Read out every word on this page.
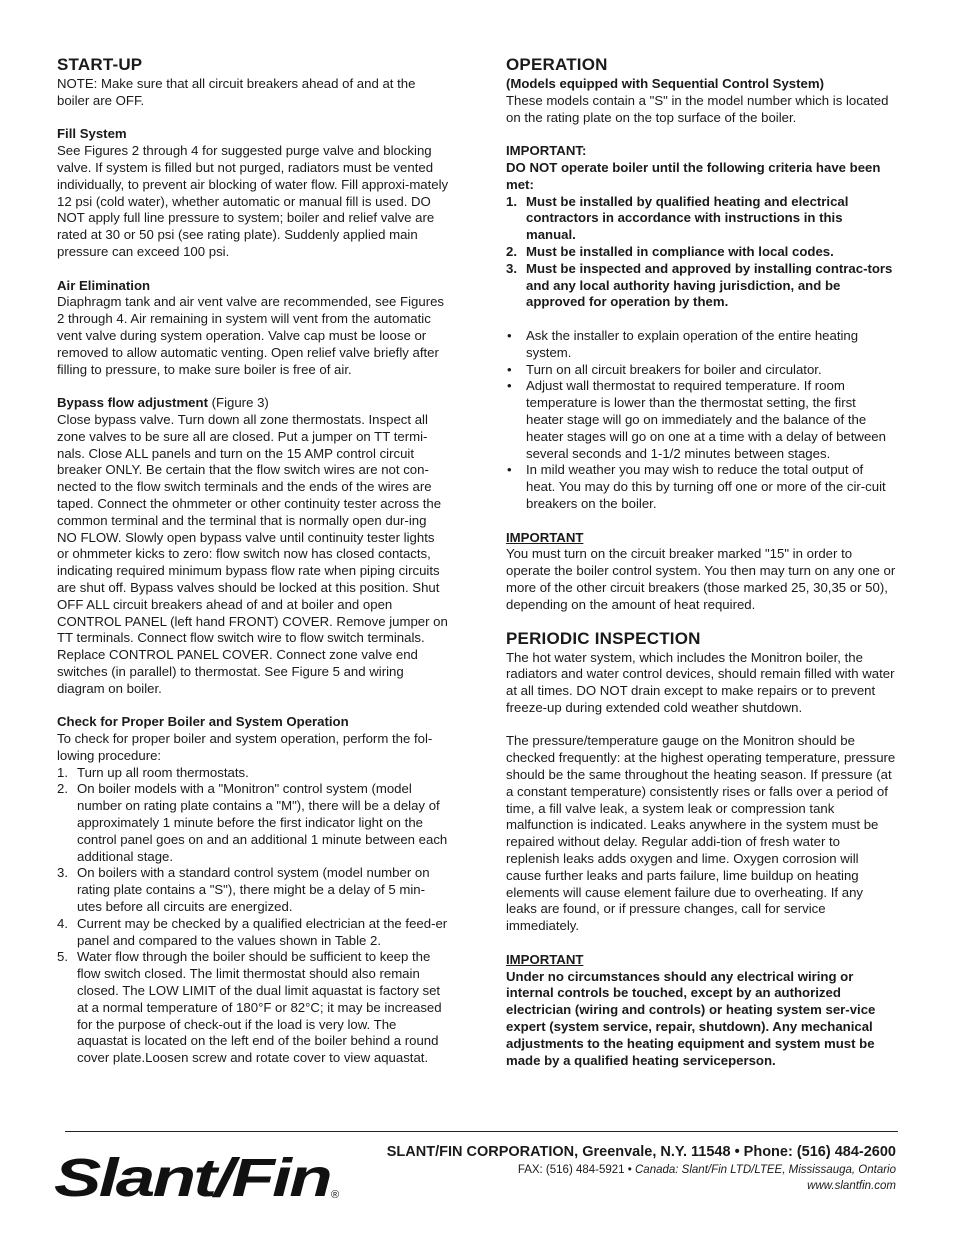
START-UP

NOTE: Make sure that all circuit breakers ahead of and at the boiler are OFF.

Fill System

See Figures 2 through 4 for suggested purge valve and blocking valve. If system is filled but not purged, radiators must be vented individually, to prevent air blocking of water flow. Fill approxi-mately 12 psi (cold water), whether automatic or manual fill is used. DO NOT apply full line pressure to system; boiler and relief valve are rated at 30 or 50 psi (see rating plate). Suddenly applied main pressure can exceed 100 psi.

Air Elimination

Diaphragm tank and air vent valve are recommended, see Figures 2 through 4. Air remaining in system will vent from the automatic vent valve during system operation. Valve cap must be loose or removed to allow automatic venting. Open relief valve briefly after filling to pressure, to make sure boiler is free of air.

Bypass flow adjustment (Figure 3)

Close bypass valve. Turn down all zone thermostats. Inspect all zone valves to be sure all are closed. Put a jumper on TT termi-nals. Close ALL panels and turn on the 15 AMP control circuit breaker ONLY. Be certain that the flow switch wires are not con-nected to the flow switch terminals and the ends of the wires are taped. Connect the ohmmeter or other continuity tester across the common terminal and the terminal that is normally open dur-ing NO FLOW. Slowly open bypass valve until continuity tester lights or ohmmeter kicks to zero: flow switch now has closed contacts, indicating required minimum bypass flow rate when piping circuits are shut off. Bypass valves should be locked at this position. Shut OFF ALL circuit breakers ahead of and at boiler and open CONTROL PANEL (left hand FRONT) COVER. Remove jumper on TT terminals. Connect flow switch wire to flow switch terminals. Replace CONTROL PANEL COVER. Connect zone valve end switches (in parallel) to thermostat. See Figure 5 and wiring diagram on boiler.

Check for Proper Boiler and System Operation

To check for proper boiler and system operation, perform the fol-lowing procedure:

1. Turn up all room thermostats.
2. On boiler models with a "Monitron" control system (model number on rating plate contains a "M"), there will be a delay of approximately 1 minute before the first indicator light on the control panel goes on and an additional 1 minute between each additional stage.
3. On boilers with a standard control system (model number on rating plate contains a "S"), there might be a delay of 5 min-utes before all circuits are energized.
4. Current may be checked by a qualified electrician at the feed-er panel and compared to the values shown in Table 2.
5. Water flow through the boiler should be sufficient to keep the flow switch closed. The limit thermostat should also remain closed. The LOW LIMIT of the dual limit aquastat is factory set at a normal temperature of 180°F or 82°C; it may be increased for the purpose of check-out if the load is very low. The aquastat is located on the left end of the boiler behind a round cover plate.Loosen screw and rotate cover to view aquastat.
OPERATION
(Models equipped with Sequential Control System)

These models contain a "S" in the model number which is located on the rating plate on the top surface of the boiler.

IMPORTANT:
DO NOT operate boiler until the following criteria have been met:
1. Must be installed by qualified heating and electrical contractors in accordance with instructions in this manual.
2. Must be installed in compliance with local codes.
3. Must be inspected and approved by installing contrac-tors and any local authority having jurisdiction, and be approved for operation by them.
• Ask the installer to explain operation of the entire heating system.
• Turn on all circuit breakers for boiler and circulator.
• Adjust wall thermostat to required temperature. If room temperature is lower than the thermostat setting, the first heater stage will go on immediately and the balance of the heater stages will go on one at a time with a delay of between several seconds and 1-1/2 minutes between stages.
• In mild weather you may wish to reduce the total output of heat. You may do this by turning off one or more of the cir-cuit breakers on the boiler.
IMPORTANT

You must turn on the circuit breaker marked "15" in order to operate the boiler control system. You then may turn on any one or more of the other circuit breakers (those marked 25, 30,35 or 50), depending on the amount of heat required.

PERIODIC INSPECTION

The hot water system, which includes the Monitron boiler, the radiators and water control devices, should remain filled with water at all times. DO NOT drain except to make repairs or to prevent freeze-up during extended cold weather shutdown.

The pressure/temperature gauge on the Monitron should be checked frequently: at the highest operating temperature, pressure should be the same throughout the heating season. If pressure (at a constant temperature) consistently rises or falls over a period of time, a fill valve leak, a system leak or compression tank malfunction is indicated. Leaks anywhere in the system must be repaired without delay. Regular addi-tion of fresh water to replenish leaks adds oxygen and lime. Oxygen corrosion will cause further leaks and parts failure, lime buildup on heating elements will cause element failure due to overheating. If any leaks are found, or if pressure changes, call for service immediately.

IMPORTANT

Under no circumstances should any electrical wiring or internal controls be touched, except by an authorized electrician (wiring and controls) or heating system ser-vice expert (system service, repair, shutdown). Any mechanical adjustments to the heating equipment and system must be made by a qualified heating serviceperson.

Slant/Fin ®
SLANT/FIN CORPORATION, Greenvale, N.Y. 11548 • Phone: (516) 484-2600
FAX: (516) 484-5921 • Canada: Slant/Fin LTD/LTEE, Mississauga, Ontario
www.slantfin.com
